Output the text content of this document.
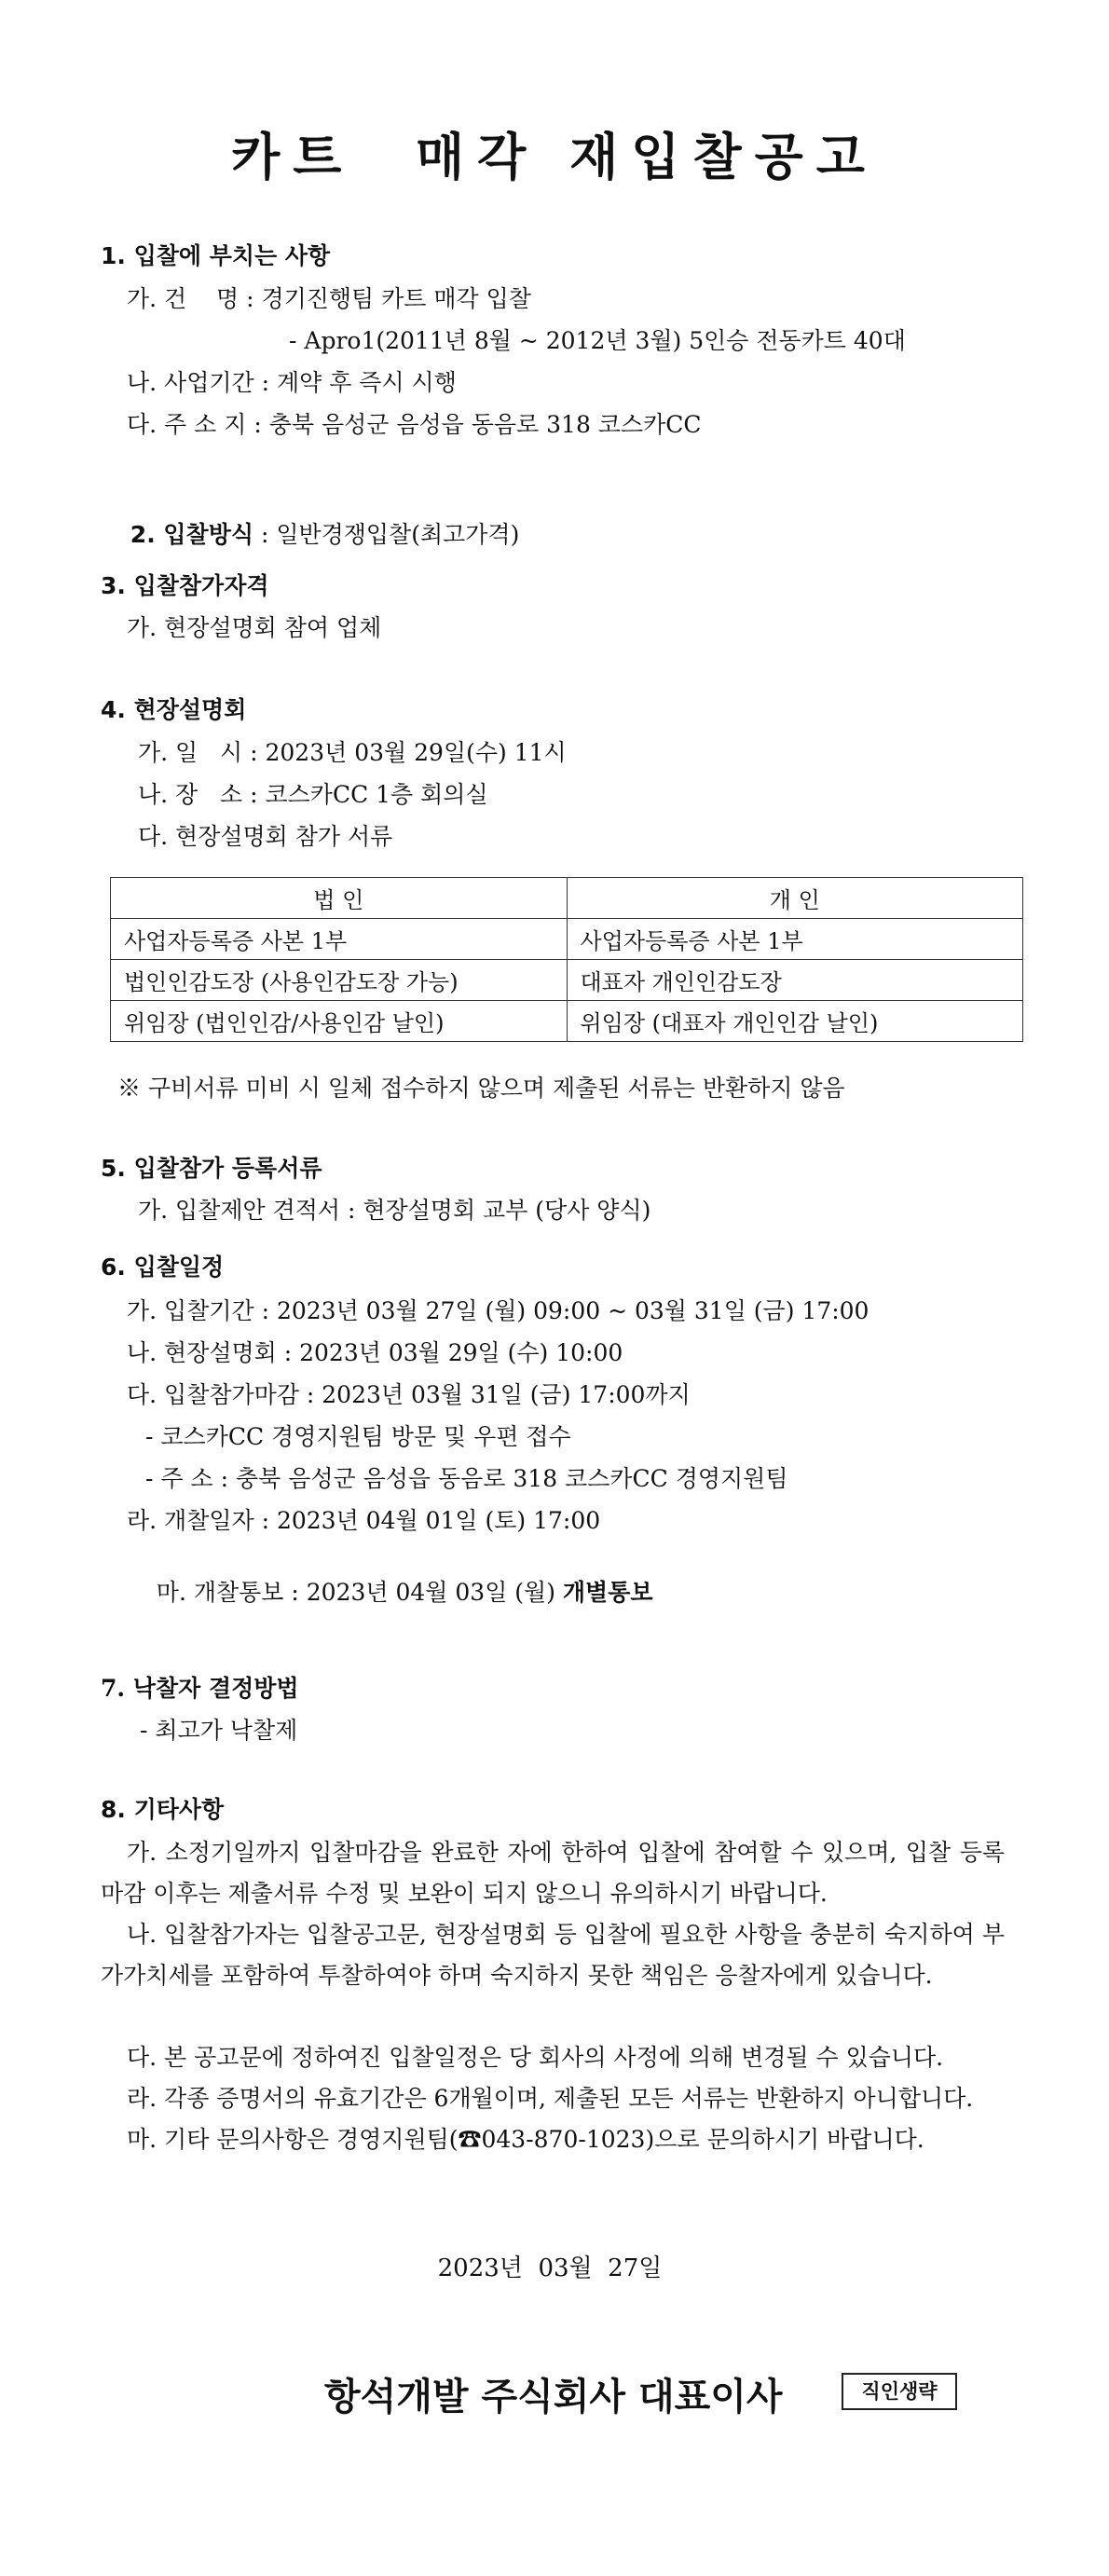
카트  매각 재입찰공고
1. 입찰에 부치는 사항
가. 건    명 : 경기진행팀 카트 매각 입찰
- Apro1(2011년 8월 ~ 2012년 3월) 5인승 전동카트 40대
나. 사업기간 : 계약 후 즉시 시행
다. 주 소 지 : 충북 음성군 음성읍 동음로 318 코스카CC

2. 입찰방식 : 일반경쟁입찰(최고가격)

3. 입찰참가자격
가. 현장설명회 참여 업체
4. 현장설명회
가. 일   시 : 2023년 03월 29일(수) 11시
나. 장   소 : 코스카CC 1층 회의실
다. 현장설명회 참가 서류
법 인	개 인
사업자등록증 사본 1부	사업자등록증 사본 1부
법인인감도장 (사용인감도장 가능)	대표자 개인인감도장
위임장 (법인인감/사용인감 날인)	위임장 (대표자 개인인감 날인)
※ 구비서류 미비 시 일체 접수하지 않으며 제출된 서류는 반환하지 않음
5. 입찰참가 등록서류
가. 입찰제안 견적서 : 현장설명회 교부 (당사 양식)
6. 입찰일정
가. 입찰기간 : 2023년 03월 27일 (월) 09:00 ~ 03월 31일 (금) 17:00
나. 현장설명회 : 2023년 03월 29일 (수) 10:00
다. 입찰참가마감 : 2023년 03월 31일 (금) 17:00까지
- 코스카CC 경영지원팀 방문 및 우편 접수
- 주 소 : 충북 음성군 음성읍 동음로 318 코스카CC 경영지원팀
라. 개찰일자 : 2023년 04월 01일 (토) 17:00

마. 개찰통보 : 2023년 04월 03일 (월) 개별통보

7. 낙찰자 결정방법
- 최고가 낙찰제
8. 기타사항
가. 소정기일까지 입찰마감을 완료한 자에 한하여 입찰에 참여할 수 있으며, 입찰 등록마감 이후는 제출서류 수정 및 보완이 되지 않으니 유의하시기 바랍니다.
나. 입찰참가자는 입찰공고문, 현장설명회 등 입찰에 필요한 사항을 충분히 숙지하여 부가가치세를 포함하여 투찰하여야 하며 숙지하지 못한 책임은 응찰자에게 있습니다.
다. 본 공고문에 정하여진 입찰일정은 당 회사의 사정에 의해 변경될 수 있습니다.
라. 각종 증명서의 유효기간은 6개월이며, 제출된 모든 서류는 반환하지 아니합니다.
마. 기타 문의사항은 경영지원팀(☎043-870-1023)으로 문의하시기 바랍니다.
2023년  03월  27일
항석개발 주식회사 대표이사	직인생략
